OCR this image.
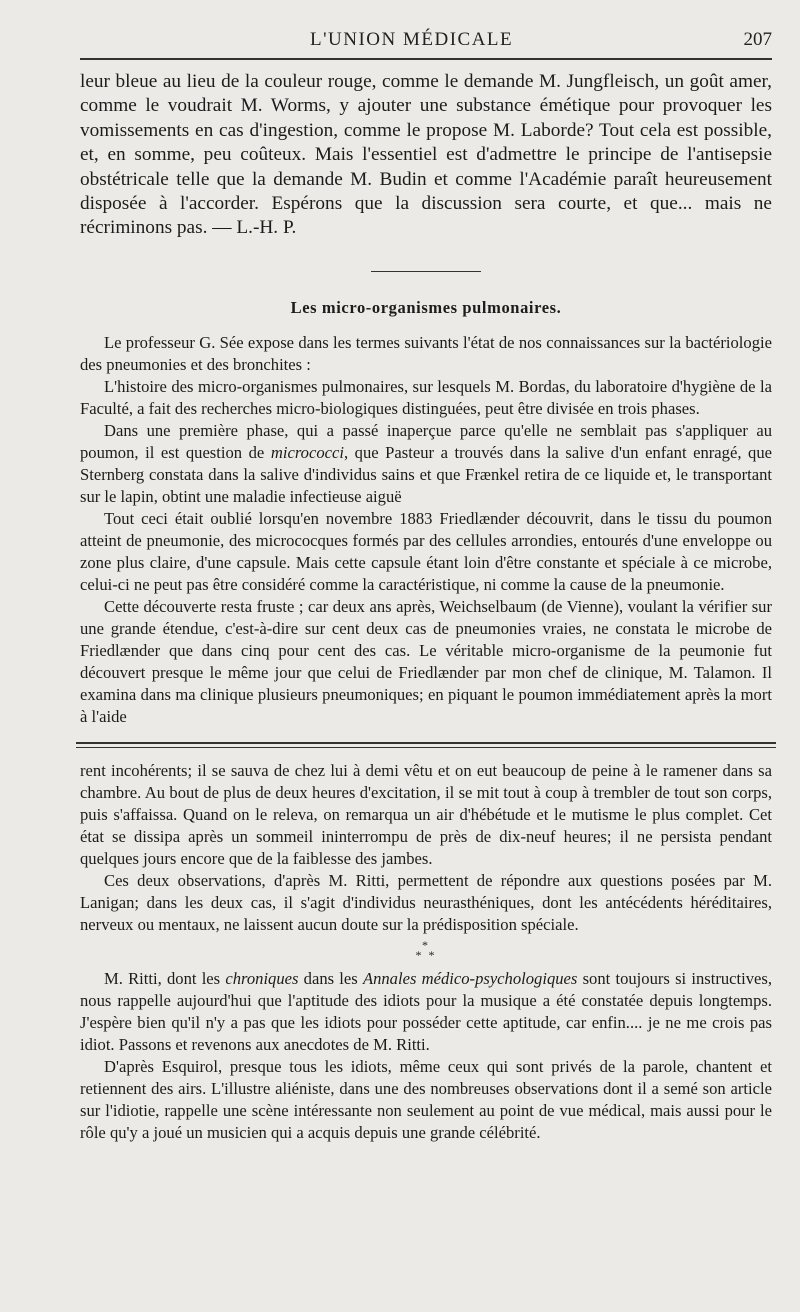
L'UNION MÉDICALE	207

leur bleue au lieu de la couleur rouge, comme le demande M. Jungfleisch, un goût amer, comme le voudrait M. Worms, y ajouter une substance émétique pour provoquer les vomissements en cas d'ingestion, comme le propose M. Laborde? Tout cela est possible, et, en somme, peu coûteux. Mais l'essentiel est d'admettre le principe de l'antisepsie obstétricale telle que la demande M. Budin et comme l'Académie paraît heureusement disposée à l'accorder. Espérons que la discussion sera courte, et que... mais ne récriminons pas. — L.-H. P.

Les micro-organismes pulmonaires.

Le professeur G. Sée expose dans les termes suivants l'état de nos connaissances sur la bactériologie des pneumonies et des bronchites :

L'histoire des micro-organismes pulmonaires, sur lesquels M. Bordas, du laboratoire d'hygiène de la Faculté, a fait des recherches micro-biologiques distinguées, peut être divisée en trois phases.

Dans une première phase, qui a passé inaperçue parce qu'elle ne semblait pas s'appliquer au poumon, il est question de micrococci, que Pasteur a trouvés dans la salive d'un enfant enragé, que Sternberg constata dans la salive d'individus sains et que Frænkel retira de ce liquide et, le transportant sur le lapin, obtint une maladie infectieuse aiguë

Tout ceci était oublié lorsqu'en novembre 1883 Friedlænder découvrit, dans le tissu du poumon atteint de pneumonie, des micrococques formés par des cellules arrondies, entourés d'une enveloppe ou zone plus claire, d'une capsule. Mais cette capsule étant loin d'être constante et spéciale à ce microbe, celui-ci ne peut pas être considéré comme la caractéristique, ni comme la cause de la pneumonie.

Cette découverte resta fruste ; car deux ans après, Weichselbaum (de Vienne), voulant la vérifier sur une grande étendue, c'est-à-dire sur cent deux cas de pneumonies vraies, ne constata le microbe de Friedlænder que dans cinq pour cent des cas. Le véritable micro-organisme de la peumonie fut découvert presque le même jour que celui de Friedlænder par mon chef de clinique, M. Talamon. Il examina dans ma clinique plusieurs pneumoniques; en piquant le poumon immédiatement après la mort à l'aide

rent incohérents; il se sauva de chez lui à demi vêtu et on eut beaucoup de peine à le ramener dans sa chambre. Au bout de plus de deux heures d'excitation, il se mit tout à coup à trembler de tout son corps, puis s'affaissa. Quand on le releva, on remarqua un air d'hébétude et le mutisme le plus complet. Cet état se dissipa après un sommeil ininterrompu de près de dix-neuf heures; il ne persista pendant quelques jours encore que de la faiblesse des jambes.

Ces deux observations, d'après M. Ritti, permettent de répondre aux questions posées par M. Lanigan; dans les deux cas, il s'agit d'individus neurasthéniques, dont les antécédents héréditaires, nerveux ou mentaux, ne laissent aucun doute sur la prédisposition spéciale.

*
* *

M. Ritti, dont les chroniques dans les Annales médico-psychologiques sont toujours si instructives, nous rappelle aujourd'hui que l'aptitude des idiots pour la musique a été constatée depuis longtemps. J'espère bien qu'il n'y a pas que les idiots pour posséder cette aptitude, car enfin.... je ne me crois pas idiot. Passons et revenons aux anecdotes de M. Ritti.

D'après Esquirol, presque tous les idiots, même ceux qui sont privés de la parole, chantent et retiennent des airs. L'illustre aliéniste, dans une des nombreuses observations dont il a semé son article sur l'idiotie, rappelle une scène intéressante non seulement au point de vue médical, mais aussi pour le rôle qu'y a joué un musicien qui a acquis depuis une grande célébrité.
